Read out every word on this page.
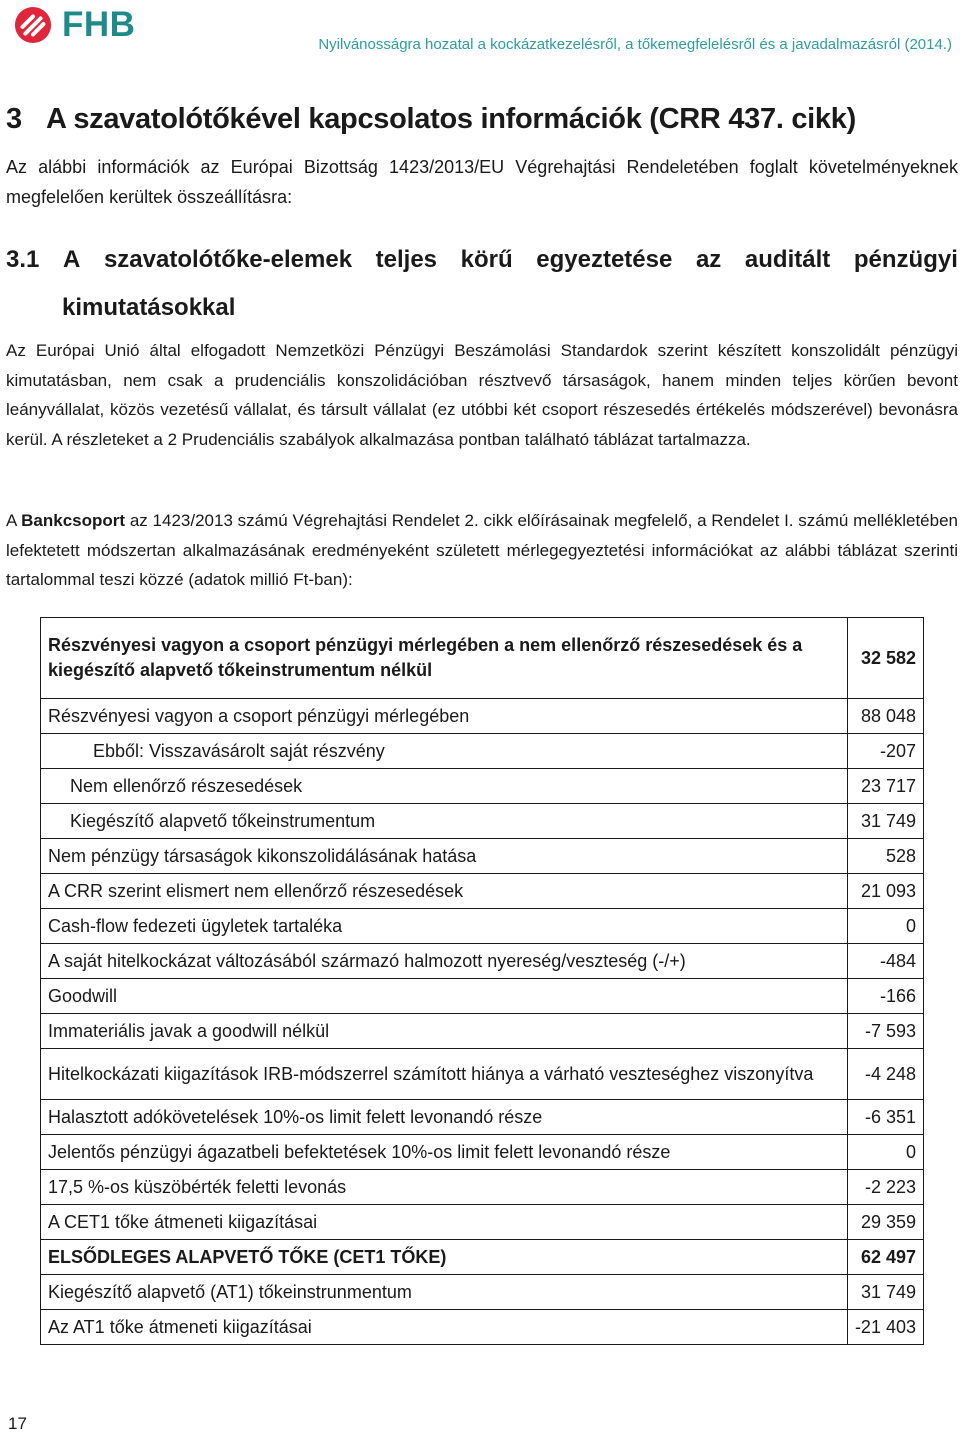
FHB
Nyilvánosságra hozatal a kockázatkezelésről, a tőkemegfelelésről és a javadalmazásról (2014.)
3 A szavatolótőkével kapcsolatos információk (CRR 437. cikk)
Az alábbi információk az Európai Bizottság 1423/2013/EU Végrehajtási Rendeletében foglalt követelményeknek megfelelően kerültek összeállításra:
3.1 A szavatolótőke-elemek teljes körű egyeztetése az auditált pénzügyi
kimutatásokkal
Az Európai Unió által elfogadott Nemzetközi Pénzügyi Beszámolási Standardok szerint készített konszolidált pénzügyi kimutatásban, nem csak a prudenciális konszolidációban résztvevő társaságok, hanem minden teljes körűen bevont leányvállalat, közös vezetésű vállalat, és társult vállalat (ez utóbbi két csoport részesedés értékelés módszerével) bevonásra kerül. A részleteket a 2 Prudenciális szabályok alkalmazása pontban található táblázat tartalmazza.
A Bankcsoport az 1423/2013 számú Végrehajtási Rendelet 2. cikk előírásainak megfelelő, a Rendelet I. számú mellékletében lefektetett módszertan alkalmazásának eredményeként született mérlegegyeztetési információkat az alábbi táblázat szerinti tartalommal teszi közzé (adatok millió Ft-ban):
Részvényesi vagyon a csoport pénzügyi mérlegében a nem ellenőrző részesedések és a kiegészítő alapvető tőkeinstrumentum nélkül	32 582
Részvényesi vagyon a csoport pénzügyi mérlegében	88 048
Ebből: Visszavásárolt saját részvény	-207
Nem ellenőrző részesedések	23 717
Kiegészítő alapvető tőkeinstrumentum	31 749
Nem pénzügy társaságok kikonszolidálásának hatása	528
A CRR szerint elismert nem ellenőrző részesedések	21 093
Cash-flow fedezeti ügyletek tartaléka	0
A saját hitelkockázat változásából származó halmozott nyereség/veszteség (-/+)	-484
Goodwill	-166
Immateriális javak a goodwill nélkül	-7 593
Hitelkockázati kiigazítások IRB-módszerrel számított hiánya a várható veszteséghez viszonyítva	-4 248
Halasztott adókövetelések 10%-os limit felett levonandó része	-6 351
Jelentős pénzügyi ágazatbeli befektetések 10%-os limit felett levonandó része	0
17,5 %-os küszöbérték feletti levonás	-2 223
A CET1 tőke átmeneti kiigazításai	29 359
ELSŐDLEGES ALAPVETŐ TŐKE (CET1 TŐKE)	62 497
Kiegészítő alapvető (AT1) tőkeinstrunmentum	31 749
Az AT1 tőke átmeneti kiigazításai	-21 403
17
